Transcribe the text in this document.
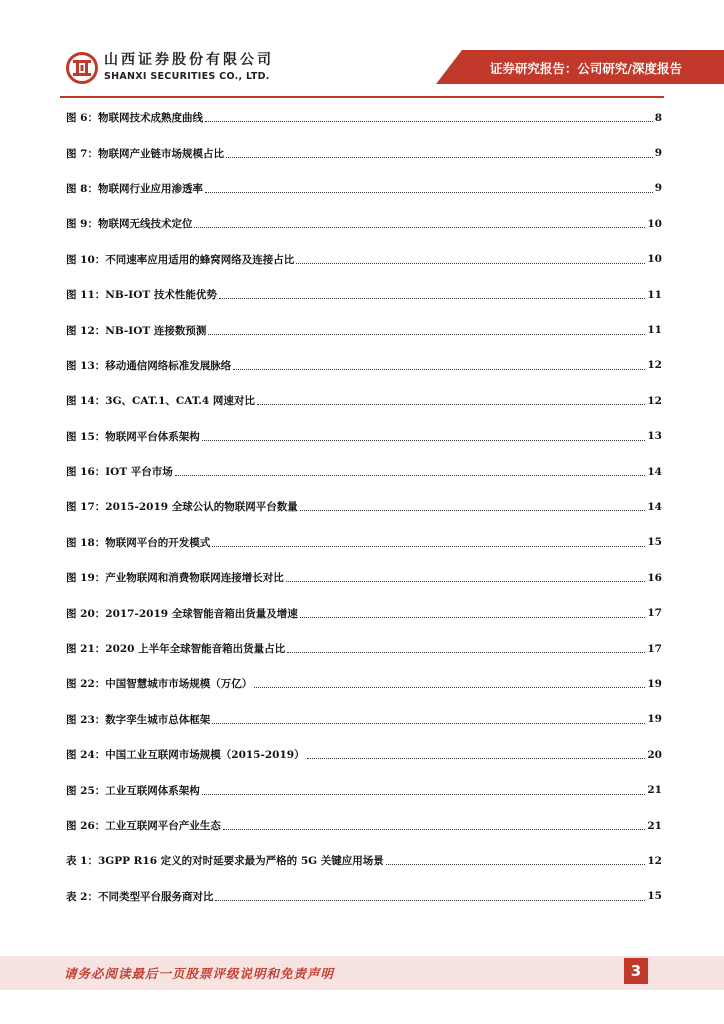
山西证券股份有限公司
SHANXI SECURITIES CO., LTD.
证券研究报告：公司研究/深度报告
图 6：物联网技术成熟度曲线	8
图 7：物联网产业链市场规模占比	9
图 8：物联网行业应用渗透率	9
图 9：物联网无线技术定位	10
图 10：不同速率应用适用的蜂窝网络及连接占比	10
图 11：NB-IOT 技术性能优势	11
图 12：NB-IOT 连接数预测	11
图 13：移动通信网络标准发展脉络	12
图 14：3G、CAT.1、CAT.4 网速对比	12
图 15：物联网平台体系架构	13
图 16：IOT 平台市场	14
图 17：2015-2019 全球公认的物联网平台数量	14
图 18：物联网平台的开发模式	15
图 19：产业物联网和消费物联网连接增长对比	16
图 20：2017-2019 全球智能音箱出货量及增速	17
图 21：2020 上半年全球智能音箱出货量占比	17
图 22：中国智慧城市市场规模（万亿）	19
图 23：数字孪生城市总体框架	19
图 24：中国工业互联网市场规模（2015-2019）	20
图 25：工业互联网体系架构	21
图 26：工业互联网平台产业生态	21
表 1：3GPP R16 定义的对时延要求最为严格的 5G 关键应用场景	12
表 2：不同类型平台服务商对比	15
请务必阅读最后一页股票评级说明和免责声明	3
